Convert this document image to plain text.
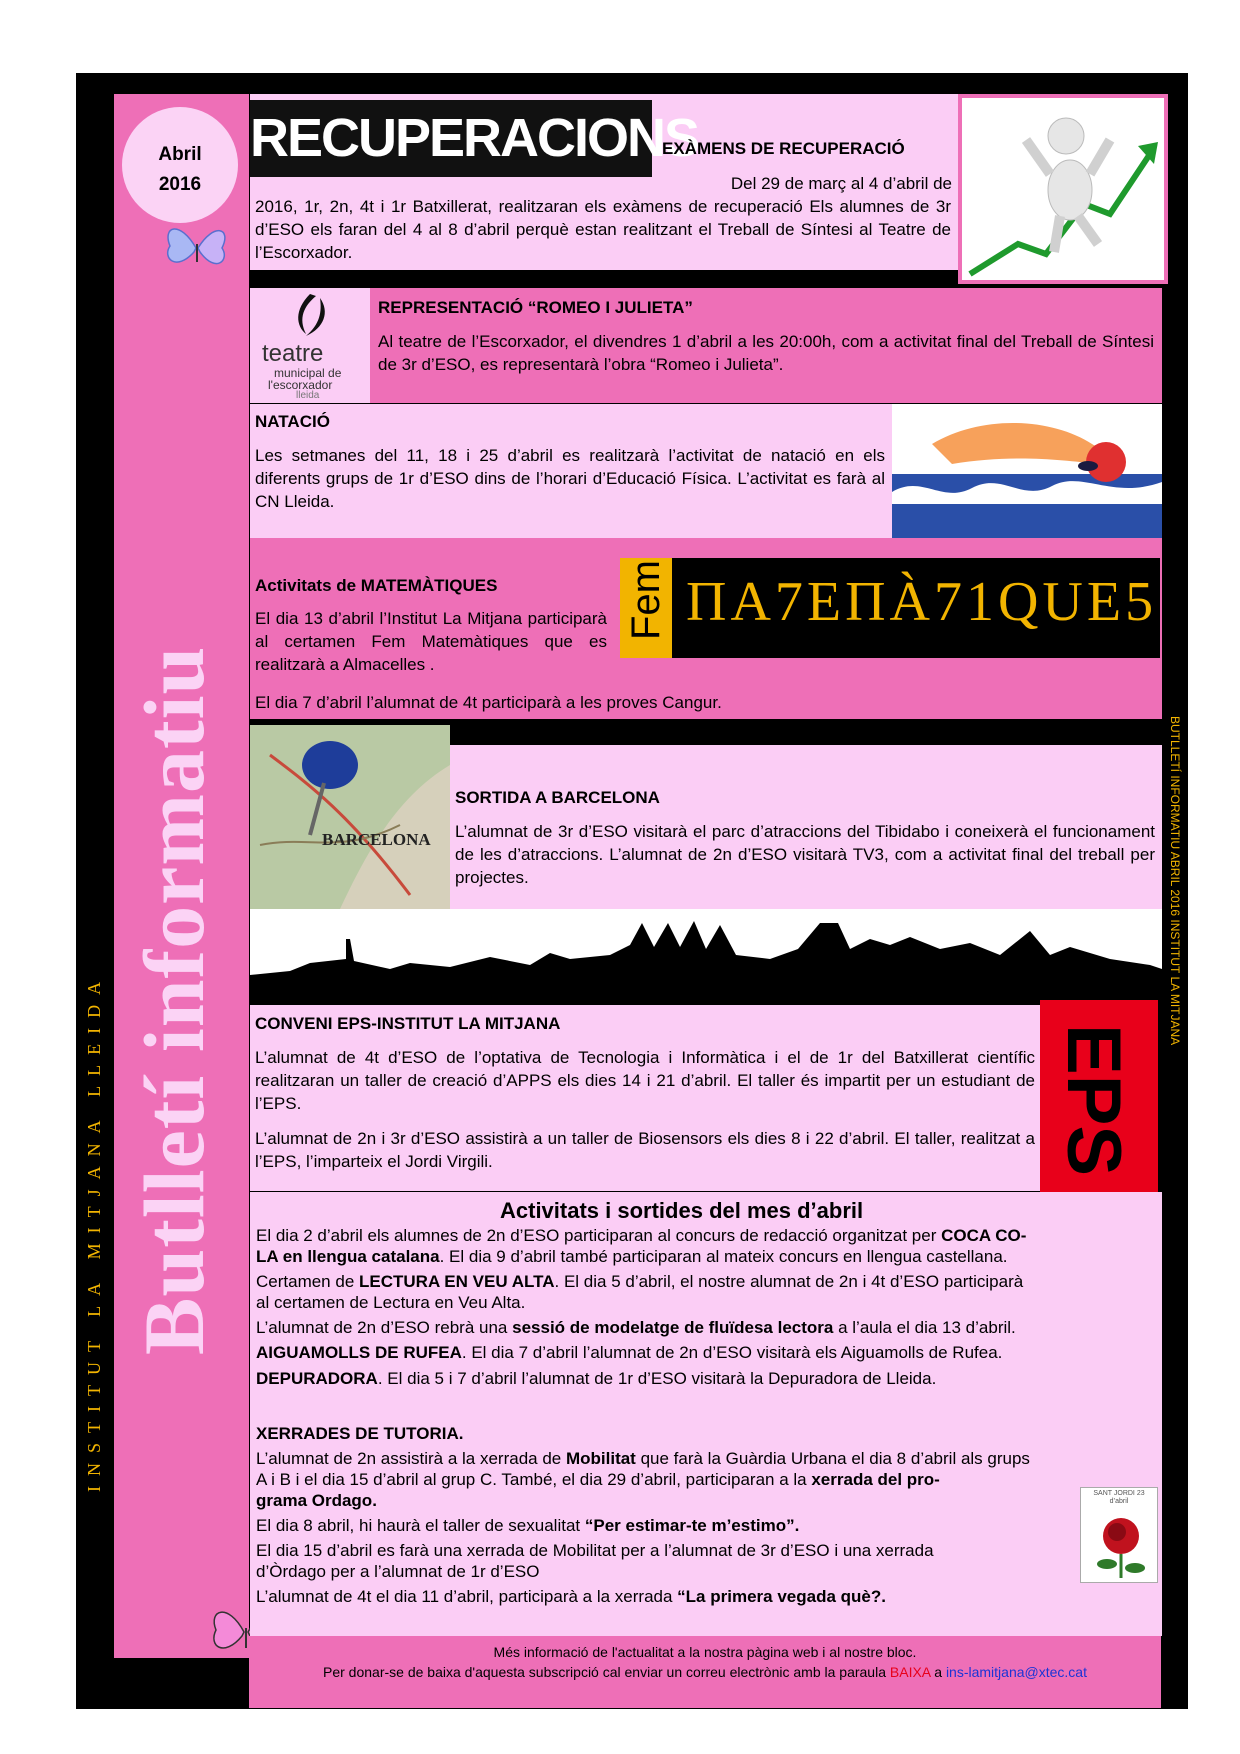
Abril
2016
INSTITUT LA MITJANA LLEIDA Butlletí informatiu	BUTLLETÍ INFORMATIU ABRIL 2016 INSTITUT LA MITJANA
RECUPERACIONS
EXÀMENS DE RECUPERACIÓ
Del 29 de març al 4 d’abril de
2016, 1r, 2n, 4t i 1r Batxillerat, realitzaran els exàmens de recuperació Els alumnes de 3r d’ESO els faran del 4 al 8 d’abril perquè estan realitzant el Treball de Síntesi al Teatre de l’Escorxador.
teatre
municipal de
l'escorxador
lleida
REPRESENTACIÓ “ROMEO I JULIETA”
Al teatre de l’Escorxador, el divendres 1 d’abril a les 20:00h, com a activitat final del Treball de Síntesi de 3r d’ESO, es representarà l’obra “Romeo i Julieta”.
NATACIÓ
Les setmanes del 11, 18 i 25 d’abril es realitzarà l’activitat de natació en els diferents grups de 1r d’ESO dins de l’horari d’Educació Física. L’activitat es farà al CN Lleida.
Activitats de MATEMÀTIQUES
El dia 13 d’abril l’Institut La Mitjana participarà al certamen Fem Matemàtiques que es realitzarà a Almacelles .
El dia 7 d’abril l’alumnat de 4t participarà a les proves Cangur.
Fem ΠΑ7ΕΠÀ71QUE5
BARCELONA
SORTIDA A BARCELONA
L’alumnat de 3r d’ESO visitarà el parc d’atraccions del Tibidabo i coneixerà el funcionament de les d’atraccions. L’alumnat de 2n d’ESO visitarà TV3, com a activitat final del treball per projectes.
CONVENI EPS-INSTITUT LA MITJANA
L’alumnat de 4t d’ESO de l’optativa de Tecnologia i Informàtica i el de 1r del Batxillerat científic realitzaran un taller de creació d’APPS els dies 14 i 21 d’abril. El taller és impartit per un estudiant de l’EPS.
L’alumnat de 2n i 3r d’ESO assistirà a un taller de Biosensors els dies 8 i 22 d’abril. El taller, realitzat a l’EPS, l’imparteix el Jordi Virgili.	EPS
Activitats i sortides del mes d’abril
El dia 2 d’abril els alumnes de 2n d’ESO participaran al concurs de redacció organitzat per COCA CO-
LA en llengua catalana. El dia 9 d’abril també participaran al mateix concurs en llengua castellana.
Certamen de LECTURA EN VEU ALTA. El dia 5 d’abril, el nostre alumnat de 2n i 4t d’ESO participarà
al certamen de Lectura en Veu Alta.
L’alumnat de 2n d’ESO rebrà una sessió de modelatge de fluïdesa lectora a l’aula el dia 13 d’abril.
AIGUAMOLLS DE RUFEA. El dia 7 d’abril l’alumnat de 2n d’ESO visitarà els Aiguamolls de Rufea.
DEPURADORA. El dia 5 i 7 d’abril l’alumnat de 1r d’ESO visitarà la Depuradora de Lleida.
XERRADES DE TUTORIA.
L’alumnat de 2n assistirà a la xerrada de Mobilitat que farà la Guàrdia Urbana el dia 8 d’abril als grups
A i B i el dia 15 d’abril al grup C. També, el dia 29 d’abril, participaran a la xerrada del pro-
grama Ordago.
El dia 8 abril, hi haurà el taller de sexualitat “Per estimar-te m’estimo”.
El dia 15 d’abril es farà una xerrada de Mobilitat per a l’alumnat de 3r d’ESO i una xerrada
d’Òrdago per a l’alumnat de 1r d’ESO
L’alumnat de 4t el dia 11 d’abril, participarà a la xerrada “La primera vegada què?.
SANT JORDI 23 d’abril

Més informació de l'actualitat a la nostra pàgina web i al nostre bloc.

Per donar-se de baixa d'aquesta subscripció cal enviar un correu electrònic amb la paraula BAIXA a ins-lamitjana@xtec.cat
